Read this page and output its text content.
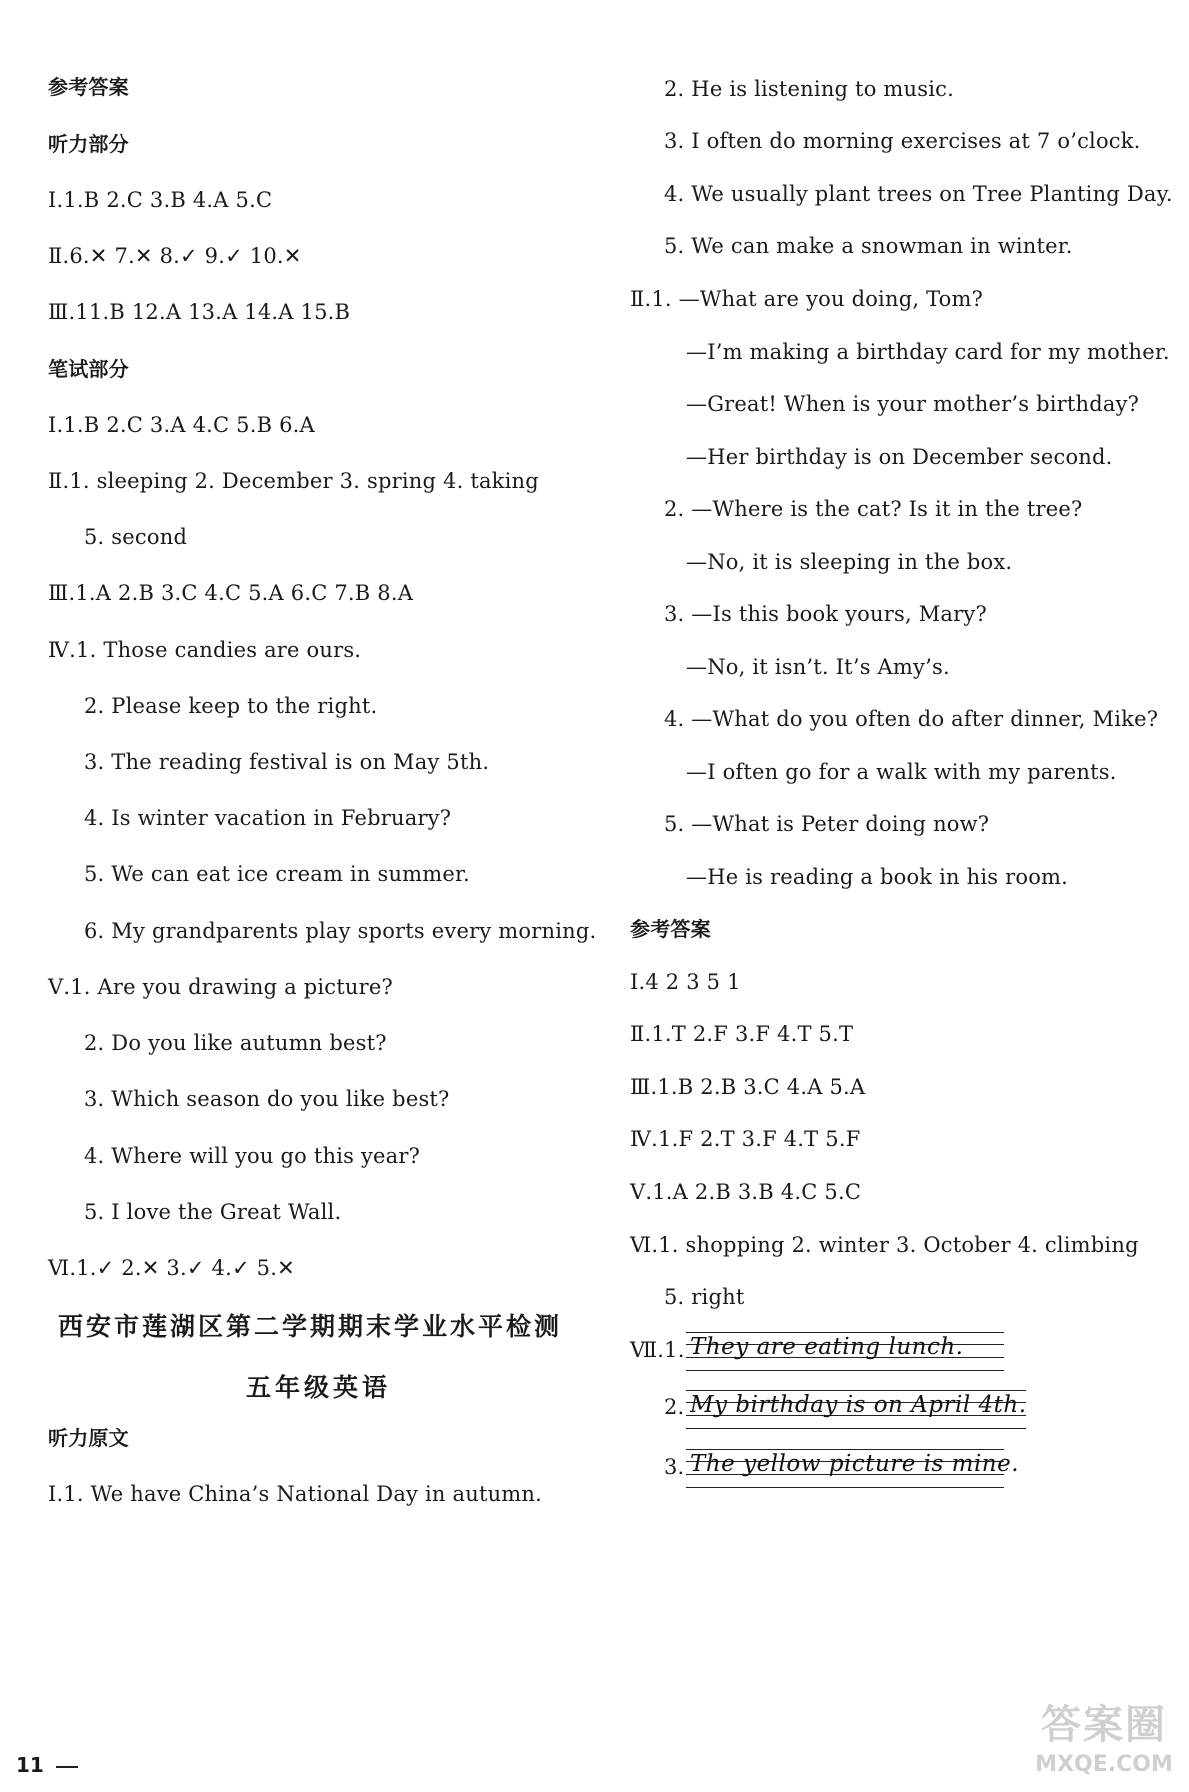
参考答案
听力部分
Ⅰ.1.B 2.C 3.B 4.A 5.C
Ⅱ.6.✕ 7.✕ 8.✓ 9.✓ 10.✕
Ⅲ.11.B 12.A 13.A 14.A 15.B
笔试部分
Ⅰ.1.B 2.C 3.A 4.C 5.B 6.A
Ⅱ.1. sleeping 2. December 3. spring 4. taking
5. second
Ⅲ.1.A 2.B 3.C 4.C 5.A 6.C 7.B 8.A
Ⅳ.1. Those candies are ours.
2. Please keep to the right.
3. The reading festival is on May 5th.
4. Is winter vacation in February?
5. We can eat ice cream in summer.
6. My grandparents play sports every morning.
Ⅴ.1. Are you drawing a picture?
2. Do you like autumn best?
3. Which season do you like best?
4. Where will you go this year?
5. I love the Great Wall.
Ⅵ.1.✓ 2.✕ 3.✓ 4.✓ 5.✕
西安市莲湖区第二学期期末学业水平检测
五年级英语
听力原文
Ⅰ.1. We have China’s National Day in autumn.
2. He is listening to music.
3. I often do morning exercises at 7 o’clock.
4. We usually plant trees on Tree Planting Day.
5. We can make a snowman in winter.
Ⅱ.1. —What are you doing, Tom?
—I’m making a birthday card for my mother.
—Great! When is your mother’s birthday?
—Her birthday is on December second.
2. —Where is the cat? Is it in the tree?
—No, it is sleeping in the box.
3. —Is this book yours, Mary?
—No, it isn’t. It’s Amy’s.
4. —What do you often do after dinner, Mike?
—I often go for a walk with my parents.
5. —What is Peter doing now?
—He is reading a book in his room.
参考答案
Ⅰ.4 2 3 5 1
Ⅱ.1.T 2.F 3.F 4.T 5.T
Ⅲ.1.B 2.B 3.C 4.A 5.A
Ⅳ.1.F 2.T 3.F 4.T 5.F
Ⅴ.1.A 2.B 3.B 4.C 5.C
Ⅵ.1. shopping 2. winter 3. October 4. climbing
5. right
Ⅶ.1. They are eating lunch.
2. My birthday is on April 4th.
3. The yellow picture is mine.
11
答案圈
MXQE.COM
